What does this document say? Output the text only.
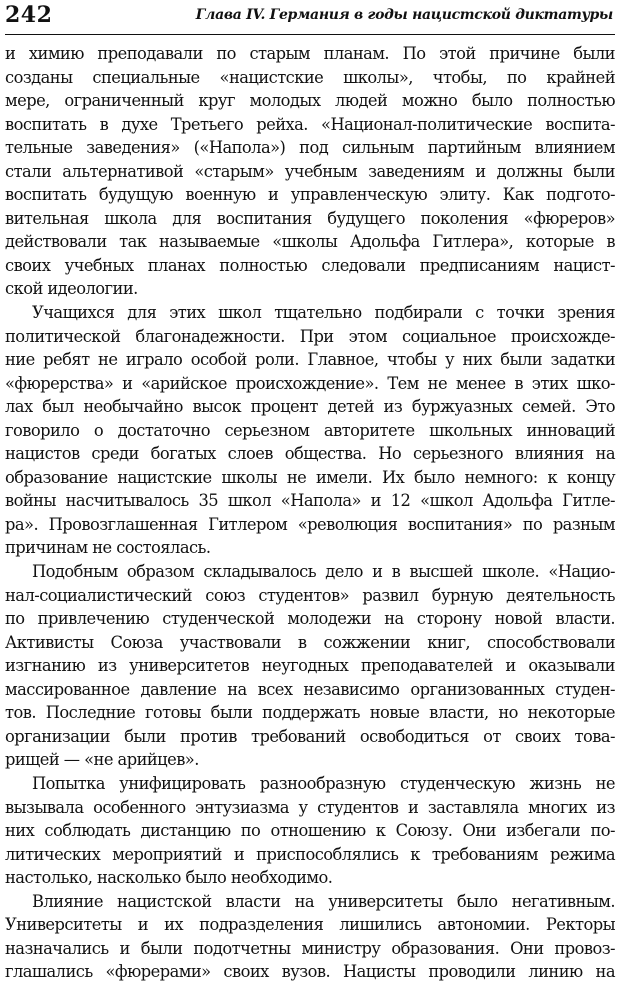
242	Глава IV. Германия в годы нацистской диктатуры
и химию преподавали по старым планам. По этой причине были
созданы специальные «нацистские школы», чтобы, по крайней
мере, ограниченный круг молодых людей можно было полностью
воспитать в духе Третьего рейха. «Национал-политические воспита-
тельные заведения» («Напола») под сильным партийным влиянием
стали альтернативой «старым» учебным заведениям и должны были
воспитать будущую военную и управленческую элиту. Как подгото-
вительная школа для воспитания будущего поколения «фюреров»
действовали так называемые «школы Адольфа Гитлера», которые в
своих учебных планах полностью следовали предписаниям нацист-
ской идеологии.
Учащихся для этих школ тщательно подбирали с точки зрения
политической благонадежности. При этом социальное происхожде-
ние ребят не играло особой роли. Главное, чтобы у них были задатки
«фюрерства» и «арийское происхождение». Тем не менее в этих шко-
лах был необычайно высок процент детей из буржуазных семей. Это
говорило о достаточно серьезном авторитете школьных инноваций
нацистов среди богатых слоев общества. Но серьезного влияния на
образование нацистские школы не имели. Их было немного: к концу
войны насчитывалось 35 школ «Напола» и 12 «школ Адольфа Гитле-
ра». Провозглашенная Гитлером «революция воспитания» по разным
причинам не состоялась.
Подобным образом складывалось дело и в высшей школе. «Нацио-
нал-социалистический союз студентов» развил бурную деятельность
по привлечению студенческой молодежи на сторону новой власти.
Активисты Союза участвовали в сожжении книг, способствовали
изгнанию из университетов неугодных преподавателей и оказывали
массированное давление на всех независимо организованных студен-
тов. Последние готовы были поддержать новые власти, но некоторые
организации были против требований освободиться от своих това-
рищей — «не арийцев».
Попытка унифицировать разнообразную студенческую жизнь не
вызывала особенного энтузиазма у студентов и заставляла многих из
них соблюдать дистанцию по отношению к Союзу. Они избегали по-
литических мероприятий и приспособлялись к требованиям режима
настолько, насколько было необходимо.
Влияние нацистской власти на университеты было негативным.
Университеты и их подразделения лишились автономии. Ректоры
назначались и были подотчетны министру образования. Они провоз-
глашались «фюрерами» своих вузов. Нацисты проводили линию на
